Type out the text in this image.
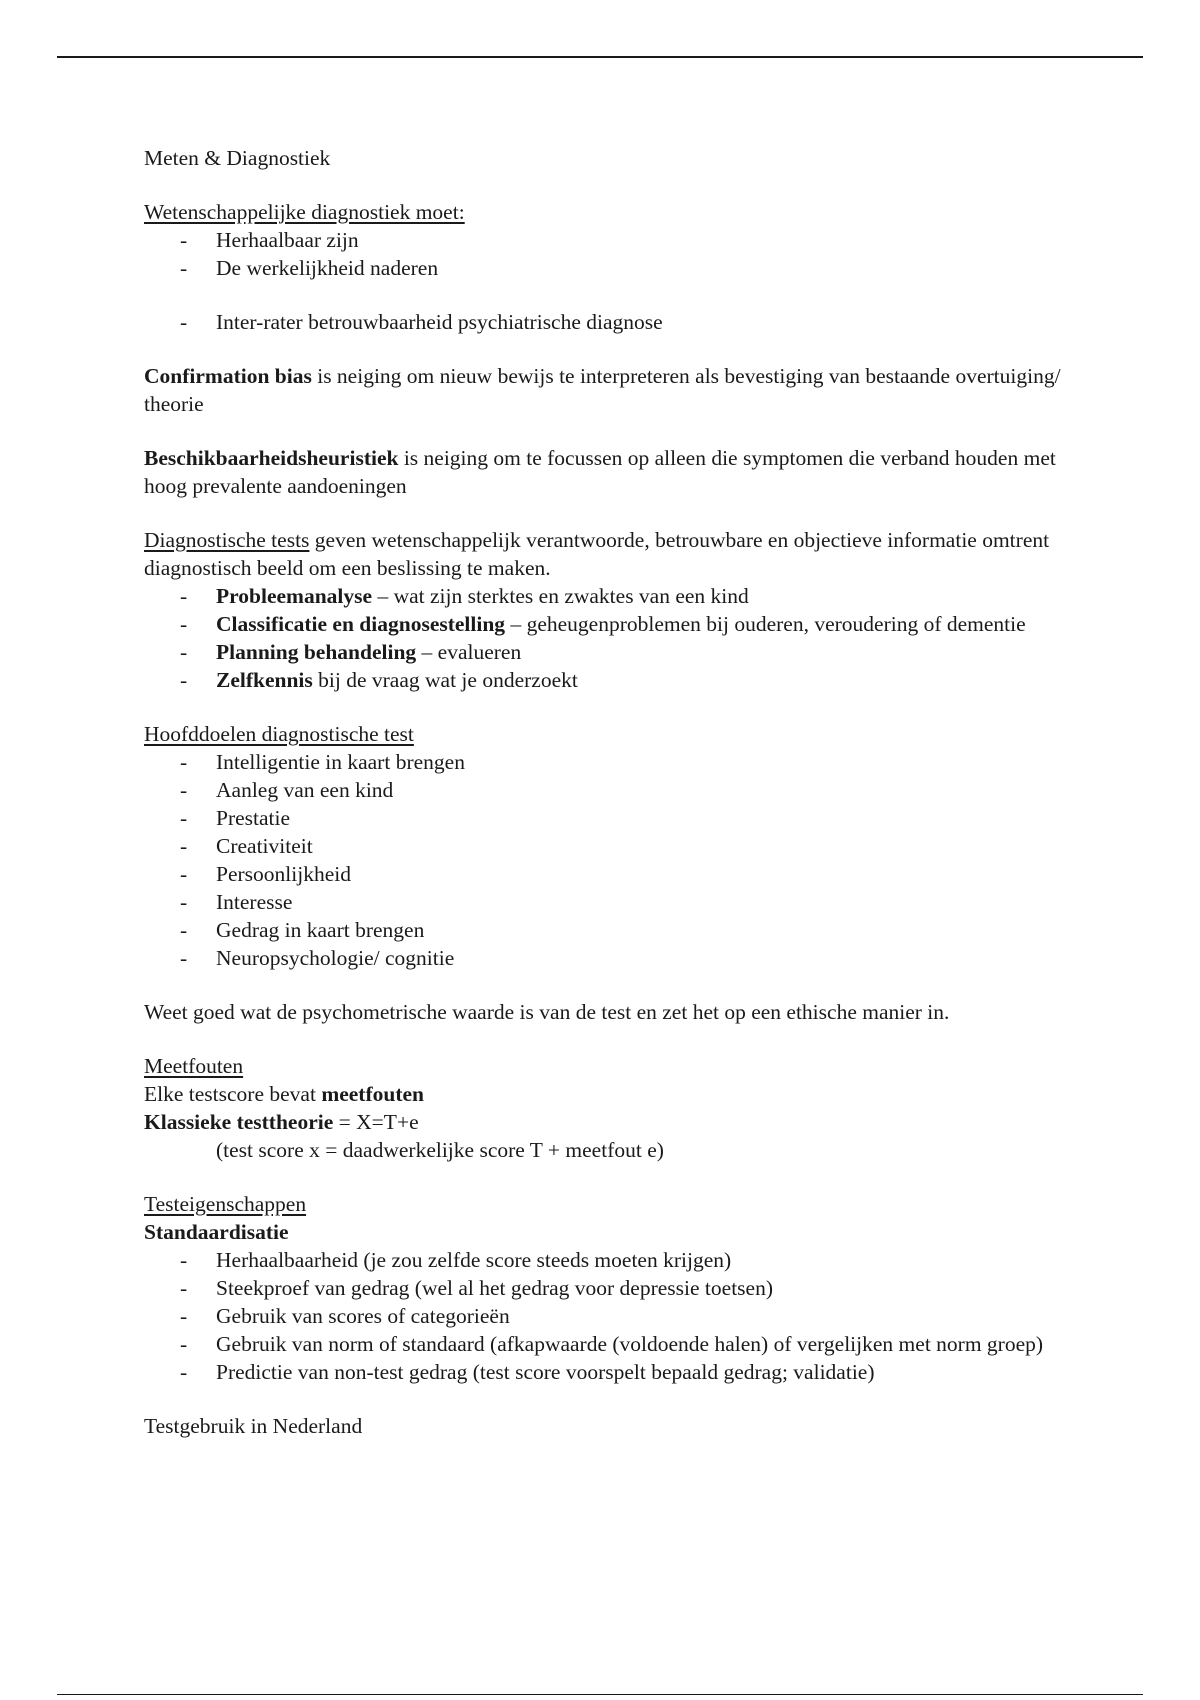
Meten & Diagnostiek

Wetenschappelijke diagnostiek moet:

- Herhaalbaar zijn
- De werkelijkheid naderen
- Inter-rater betrouwbaarheid psychiatrische diagnose

Confirmation bias is neiging om nieuw bewijs te interpreteren als bevestiging van bestaande overtuiging/ theorie

Beschikbaarheidsheuristiek is neiging om te focussen op alleen die symptomen die verband houden met hoog prevalente aandoeningen

Diagnostische tests geven wetenschappelijk verantwoorde, betrouwbare en objectieve informatie omtrent diagnostisch beeld om een beslissing te maken.

- Probleemanalyse – wat zijn sterktes en zwaktes van een kind
- Classificatie en diagnosestelling – geheugenproblemen bij ouderen, veroudering of dementie
- Planning behandeling – evalueren
- Zelfkennis bij de vraag wat je onderzoekt

Hoofddoelen diagnostische test

- Intelligentie in kaart brengen
- Aanleg van een kind
- Prestatie
- Creativiteit
- Persoonlijkheid
- Interesse
- Gedrag in kaart brengen
- Neuropsychologie/ cognitie

Weet goed wat de psychometrische waarde is van de test en zet het op een ethische manier in.

Meetfouten

Elke testscore bevat meetfouten

Klassieke testtheorie = X=T+e

(test score x = daadwerkelijke score T + meetfout e)

Testeigenschappen

Standaardisatie

- Herhaalbaarheid (je zou zelfde score steeds moeten krijgen)
- Steekproef van gedrag (wel al het gedrag voor depressie toetsen)
- Gebruik van scores of categorieën
- Gebruik van norm of standaard (afkapwaarde (voldoende halen) of vergelijken met norm groep)
- Predictie van non-test gedrag (test score voorspelt bepaald gedrag; validatie)

Testgebruik in Nederland
